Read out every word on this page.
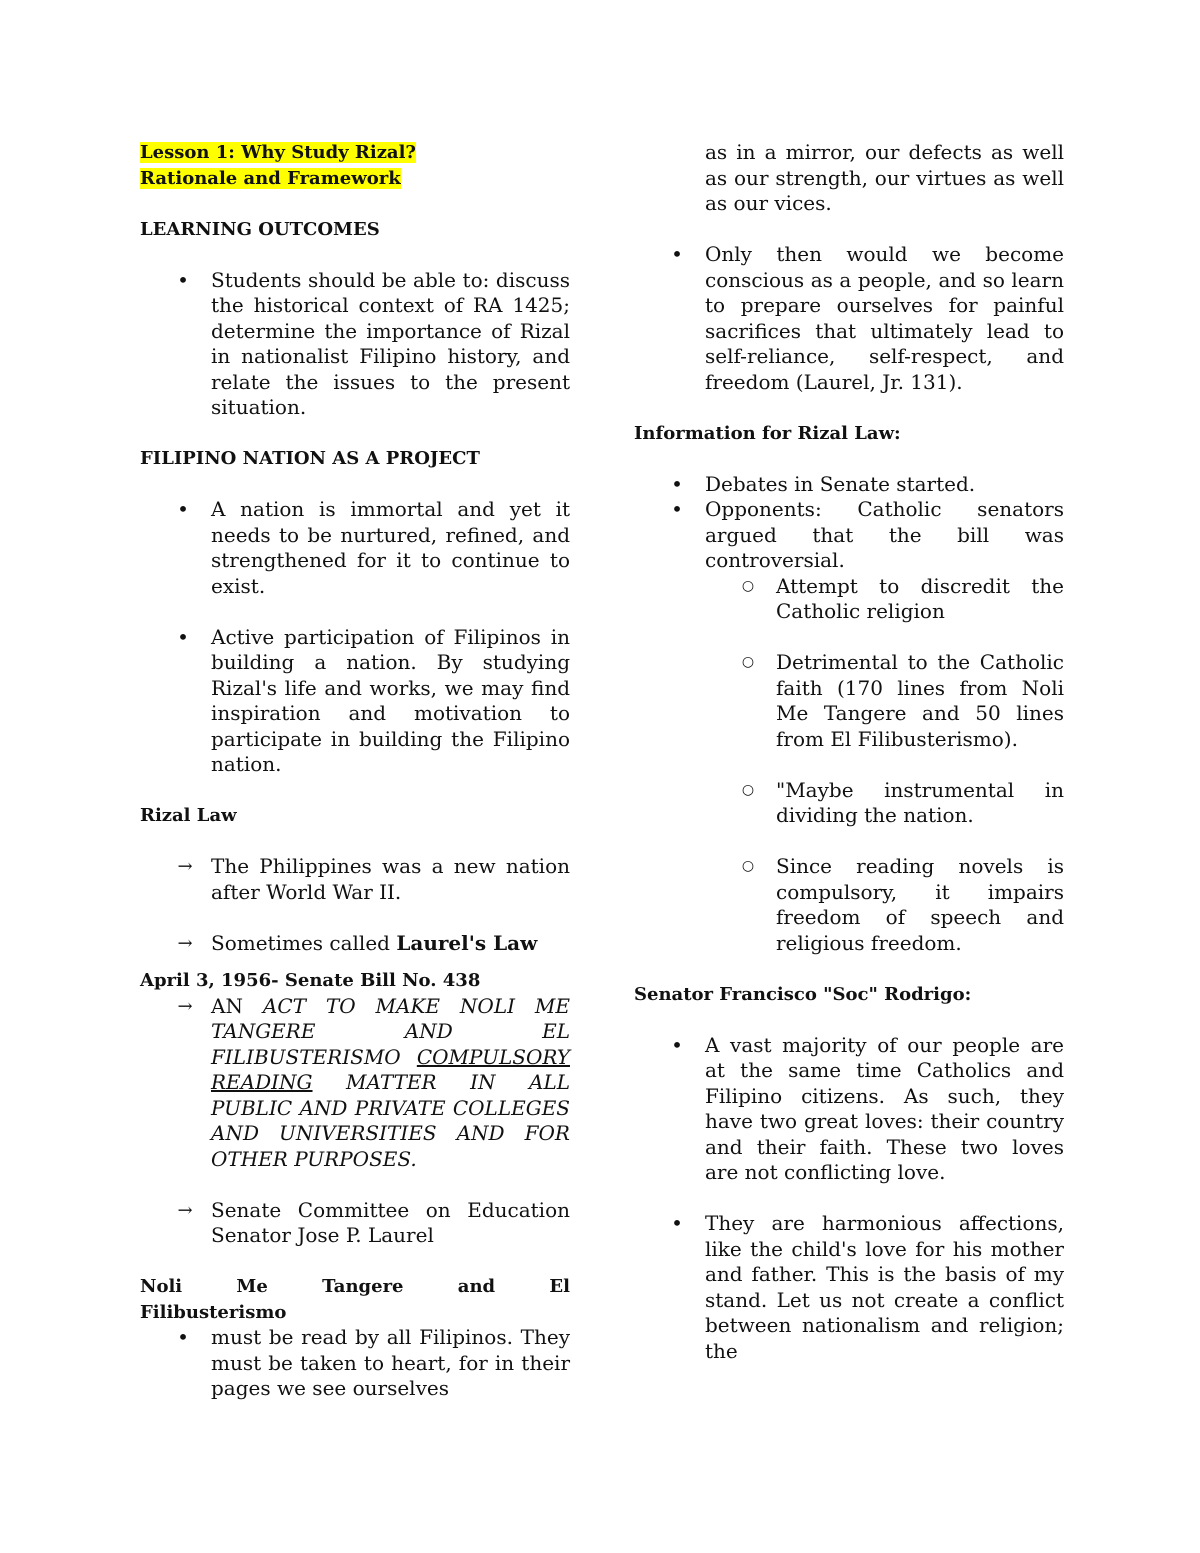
Lesson 1: Why Study Rizal?
Rationale and Framework
LEARNING OUTCOMES

• Students should be able to: discuss the historical context of RA 1425; determine the importance of Rizal in nationalist Filipino history, and relate the issues to the present situation.

FILIPINO NATION AS A PROJECT

• A nation is immortal and yet it needs to be nurtured, refined, and strengthened for it to continue to exist.

• Active participation of Filipinos in building a nation. By studying Rizal's life and works, we may find inspiration and motivation to participate in building the Filipino nation.

Rizal Law

→ The Philippines was a new nation after World War II.

→ Sometimes called Laurel's Law

April 3, 1956- Senate Bill No. 438

→ AN ACT TO MAKE NOLI ME TANGERE AND EL FILIBUSTERISMO COMPULSORY READING MATTER IN ALL PUBLIC AND PRIVATE COLLEGES AND UNIVERSITIES AND FOR OTHER PURPOSES.

→ Senate Committee on Education Senator Jose P. Laurel

Noli Me Tangere and El
Filibusterismo

• must be read by all Filipinos. They must be taken to heart, for in their pages we see ourselves

as in a mirror, our defects as well as our strength, our virtues as well as our vices.

• Only then would we become conscious as a people, and so learn to prepare ourselves for painful sacrifices that ultimately lead to self-reliance, self-respect, and freedom (Laurel, Jr. 131).

Information for Rizal Law:

• Debates in Senate started.

• Opponents: Catholic senators argued that the bill was controversial.

○ Attempt to discredit the Catholic religion

○ Detrimental to the Catholic faith (170 lines from Noli Me Tangere and 50 lines from El Filibusterismo).

○ "Maybe instrumental in dividing the nation.

○ Since reading novels is compulsory, it impairs freedom of speech and religious freedom.

Senator Francisco "Soc" Rodrigo:

• A vast majority of our people are at the same time Catholics and Filipino citizens. As such, they have two great loves: their country and their faith. These two loves are not conflicting love.

• They are harmonious affections, like the child's love for his mother and father. This is the basis of my stand. Let us not create a conflict between nationalism and religion; the
